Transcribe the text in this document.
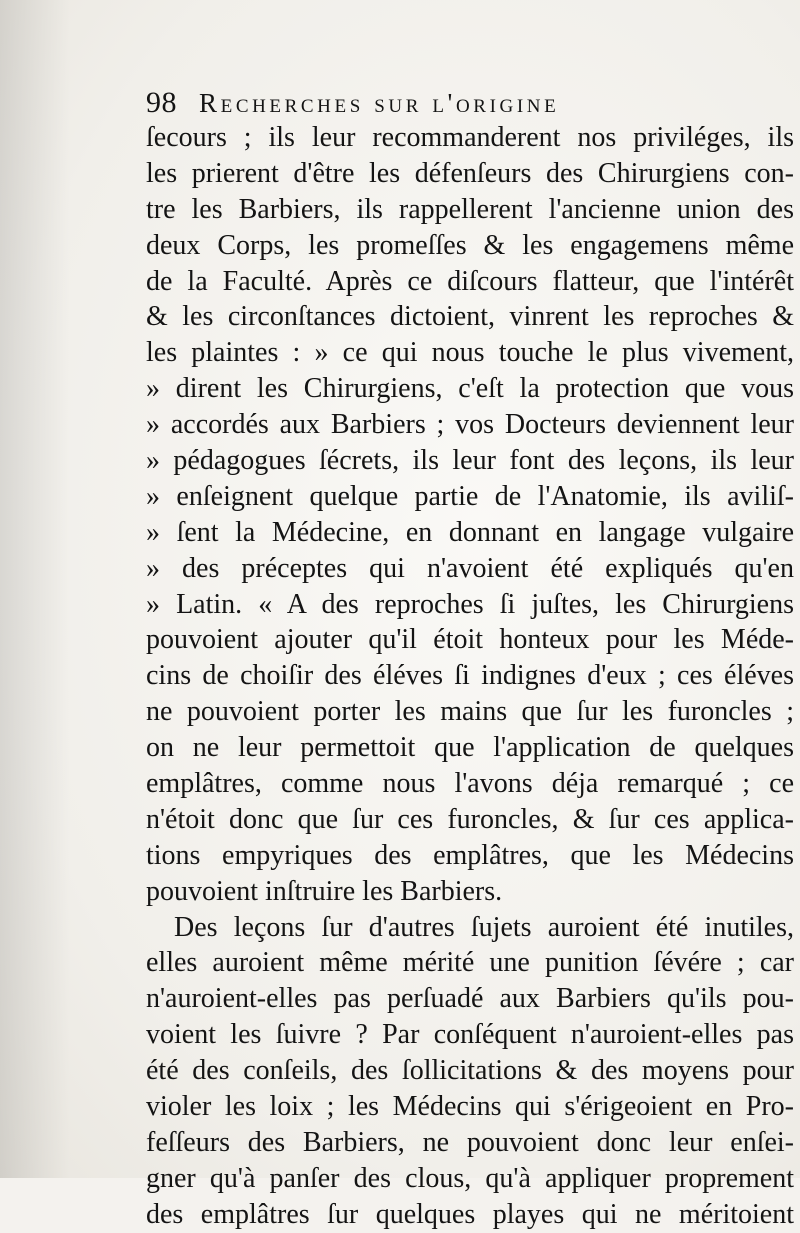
98 Recherches sur l'origine
ſecours ; ils leur recommanderent nos priviléges, ils
les prierent d'être les défenſeurs des Chirurgiens con-
tre les Barbiers, ils rappellerent l'ancienne union des
deux Corps, les promeſſes & les engagemens même
de la Faculté. Après ce diſcours flatteur, que l'intérêt
& les circonſtances dictoient, vinrent les reproches &
les plaintes : » ce qui nous touche le plus vivement,
» dirent les Chirurgiens, c'eſt la protection que vous
» accordés aux Barbiers ; vos Docteurs deviennent leur
» pédagogues ſécrets, ils leur font des leçons, ils leur
» enſeignent quelque partie de l'Anatomie, ils aviliſ-
» ſent la Médecine, en donnant en langage vulgaire
» des préceptes qui n'avoient été expliqués qu'en
» Latin. « A des reproches ſi juſtes, les Chirurgiens
pouvoient ajouter qu'il étoit honteux pour les Méde-
cins de choiſir des éléves ſi indignes d'eux ; ces éléves
ne pouvoient porter les mains que ſur les furoncles ;
on ne leur permettoit que l'application de quelques
emplâtres, comme nous l'avons déja remarqué ; ce
n'étoit donc que ſur ces furoncles, & ſur ces applica-
tions empyriques des emplâtres, que les Médecins
pouvoient inſtruire les Barbiers.
Des leçons ſur d'autres ſujets auroient été inutiles,
elles auroient même mérité une punition ſévére ; car
n'auroient-elles pas perſuadé aux Barbiers qu'ils pou-
voient les ſuivre ? Par conſéquent n'auroient-elles pas
été des conſeils, des ſollicitations & des moyens pour
violer les loix ; les Médecins qui s'érigeoient en Pro-
feſſeurs des Barbiers, ne pouvoient donc leur enſei-
gner qu'à panſer des clous, qu'à appliquer proprement
des emplâtres ſur quelques playes qui ne méritoient
